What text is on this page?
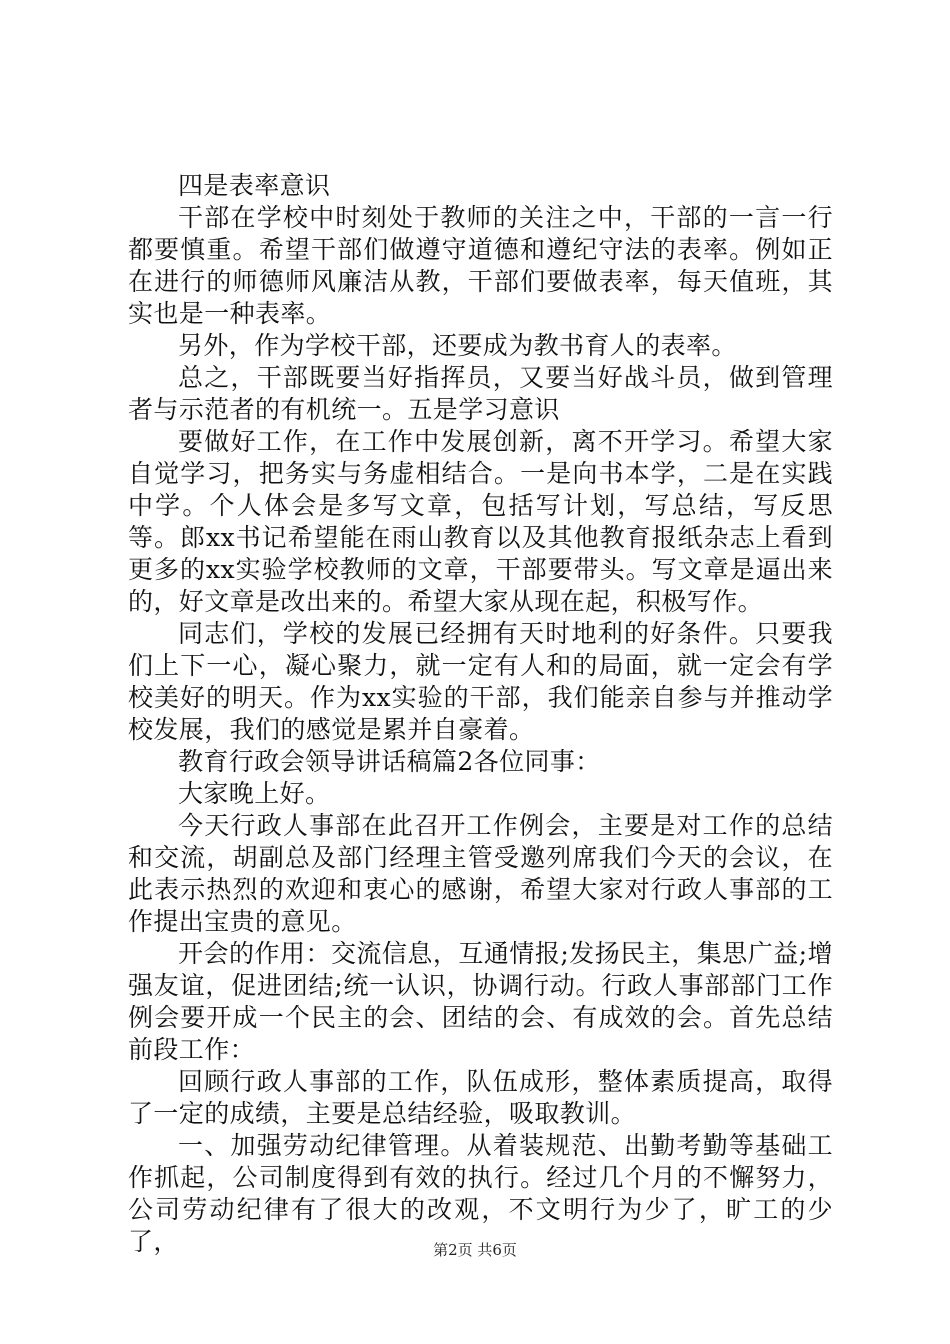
四是表率意识

干部在学校中时刻处于教师的关注之中，干部的一言一行都要慎重。希望干部们做遵守道德和遵纪守法的表率。例如正在进行的师德师风廉洁从教，干部们要做表率，每天值班，其实也是一种表率。

另外，作为学校干部，还要成为教书育人的表率。

总之，干部既要当好指挥员，又要当好战斗员，做到管理者与示范者的有机统一。五是学习意识

要做好工作，在工作中发展创新，离不开学习。希望大家自觉学习，把务实与务虚相结合。一是向书本学，二是在实践中学。个人体会是多写文章，包括写计划，写总结，写反思等。郎xx书记希望能在雨山教育以及其他教育报纸杂志上看到更多的xx实验学校教师的文章，干部要带头。写文章是逼出来的，好文章是改出来的。希望大家从现在起，积极写作。

同志们，学校的发展已经拥有天时地利的好条件。只要我们上下一心，凝心聚力，就一定有人和的局面，就一定会有学校美好的明天。作为xx实验的干部，我们能亲自参与并推动学校发展，我们的感觉是累并自豪着。

教育行政会领导讲话稿篇2各位同事：

大家晚上好。

今天行政人事部在此召开工作例会，主要是对工作的总结和交流，胡副总及部门经理主管受邀列席我们今天的会议，在此表示热烈的欢迎和衷心的感谢，希望大家对行政人事部的工作提出宝贵的意见。

开会的作用：交流信息，互通情报;发扬民主，集思广益;增强友谊，促进团结;统一认识，协调行动。行政人事部部门工作例会要开成一个民主的会、团结的会、有成效的会。首先总结前段工作：

回顾行政人事部的工作，队伍成形，整体素质提高，取得了一定的成绩，主要是总结经验，吸取教训。

一、加强劳动纪律管理。从着装规范、出勤考勤等基础工作抓起，公司制度得到有效的执行。经过几个月的不懈努力，公司劳动纪律有了很大的改观，不文明行为少了，旷工的少了，	第2页 共6页
